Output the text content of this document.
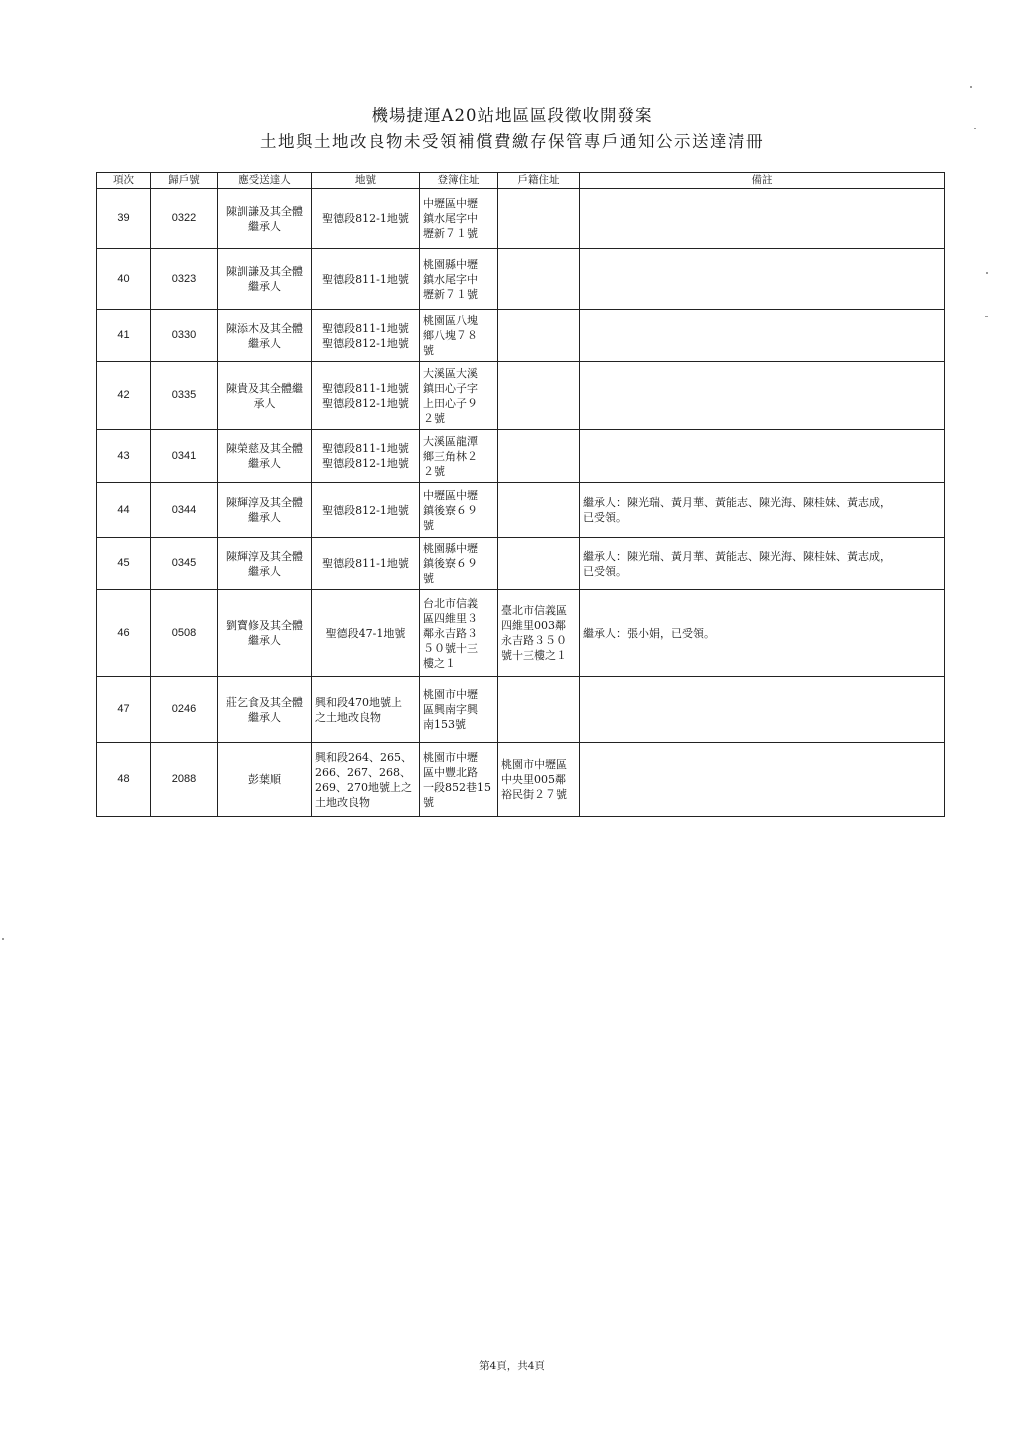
機場捷運A20站地區區段徵收開發案
土地與土地改良物未受領補償費繳存保管專戶通知公示送達清冊
項次	歸戶號	應受送達人	地號	登簿住址	戶籍住址	備註
39	0322	陳訓謙及其全體
繼承人	聖德段812-1地號	中壢區中壢
鎮水尾字中
壢新７１號		
40	0323	陳訓謙及其全體
繼承人	聖德段811-1地號	桃園縣中壢
鎮水尾字中
壢新７１號		
41	0330	陳添木及其全體
繼承人	聖德段811-1地號
聖德段812-1地號	桃園區八塊
鄉八塊７８
號		
42	0335	陳貴及其全體繼
承人	聖德段811-1地號
聖德段812-1地號	大溪區大溪
鎮田心子字
上田心子９
２號		
43	0341	陳榮慈及其全體
繼承人	聖德段811-1地號
聖德段812-1地號	大溪區龍潭
鄉三角林２
２號		
44	0344	陳輝淳及其全體
繼承人	聖德段812-1地號	中壢區中壢
鎮後寮６９
號		繼承人：陳光瑞、黃月華、黃能志、陳光海、陳桂妹、黃志成，
已受領。
45	0345	陳輝淳及其全體
繼承人	聖德段811-1地號	桃園縣中壢
鎮後寮６９
號		繼承人：陳光瑞、黃月華、黃能志、陳光海、陳桂妹、黃志成，
已受領。
46	0508	劉寶修及其全體
繼承人	聖德段47-1地號	台北市信義
區四維里３
鄰永吉路３
５０號十三
樓之１	臺北市信義區
四維里003鄰
永吉路３５０
號十三樓之１	繼承人：張小娟，已受領。
47	0246	莊乞食及其全體
繼承人	興和段470地號上
之土地改良物	桃園市中壢
區興南字興
南153號		
48	2088	彭葉順	興和段264、265、
266、267、268、
269、270地號上之
土地改良物	桃園市中壢
區中豐北路
一段852巷15
號	桃園市中壢區
中央里005鄰
裕民街２７號	
第4頁，共4頁
